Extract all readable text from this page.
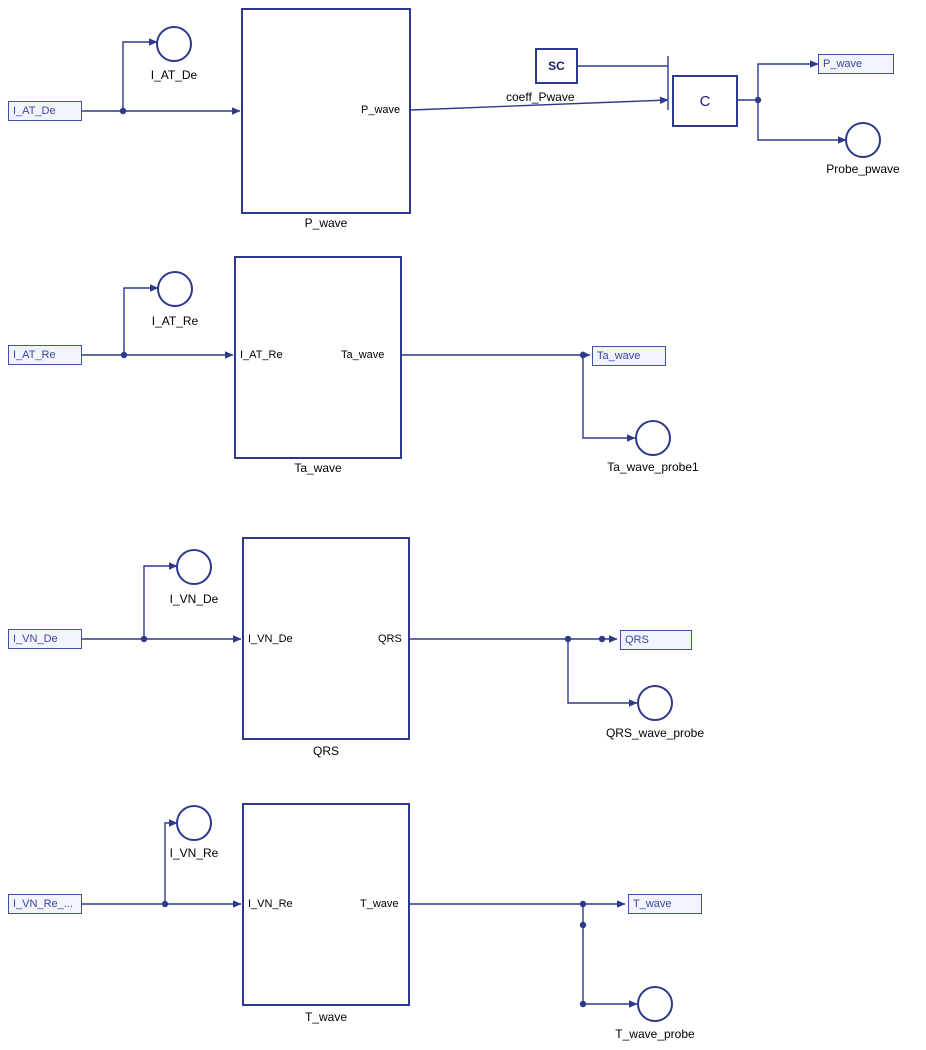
I_AT_De
I_AT_De
P_wave
P_wave
coeff_Pwave
SC
C
P_wave
Probe_pwave
I_AT_Re
I_AT_Re
Ta_wave
I_AT_Re	Ta_wave	Ta_wave
Ta_wave_probe1
I_VN_De
I_VN_De
QRS
I_VN_De	QRS	QRS
QRS_wave_probe
I_VN_Re_...
I_VN_Re
T_wave
I_VN_Re	T_wave	T_wave
T_wave_probe
